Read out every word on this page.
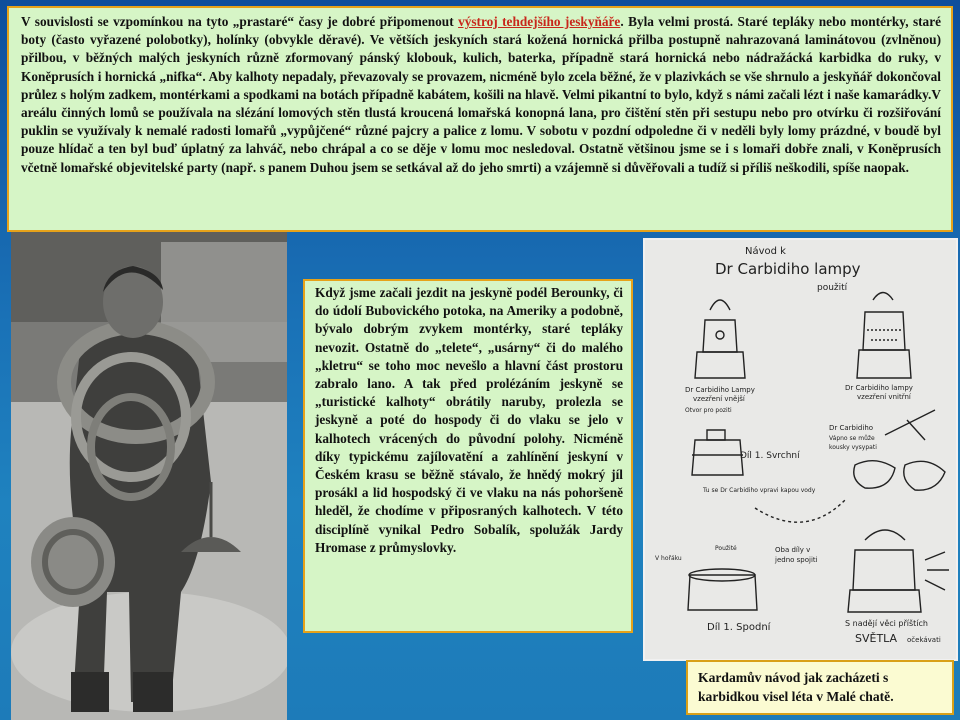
V souvislosti se vzpomínkou na tyto „prastaré“ časy je dobré připomenout výstroj tehdejšího jeskyňáře. Byla velmi prostá. Staré tepláky nebo montérky, staré boty (často vyřazené polobotky), holínky (obvykle děravé). Ve větších jeskyních stará kožená hornická přilba postupně nahrazovaná laminátovou (zvlněnou) přilbou, v běžných malých jeskyních různě zformovaný pánský klobouk, kulich, baterka, případně stará hornická nebo nádražácká karbidka do ruky, v Koněprusích i hornická „nifka“. Aby kalhoty nepadaly, převazovaly se provazem, nicméně bylo zcela běžné, že v plazivkách se vše shrnulo a jeskyňář dokončoval průlez s holým zadkem, montérkami a spodkami na botách případně kabátem, košili na hlavě. Velmi pikantní to bylo, když s námi začali lézt i naše kamarádky.V areálu činných lomů se používala na slézání lomových stěn tlustá kroucená lomařská konopná lana, pro čištění stěn při sestupu nebo pro otvírku či rozšiřování puklin se využívaly k nemalé radosti lomařů „vypůjčené“ různé pajcry a palice z lomu. V sobotu v pozdní odpoledne či v neděli byly lomy prázdné, v boudě byl pouze hlídač a ten byl buď úplatný za lahváč, nebo chrápal a co se děje v lomu moc nesledoval. Ostatně většinou jsme se i s lomaři dobře znali, v Koněprusích včetně lomařské objevitelské party (např. s panem Duhou jsem se setkával až do jeho smrti) a vzájemně si důvěřovali a tudíž si příliš neškodili, spíše naopak.
Když jsme začali jezdit na jeskyně podél Berounky, či do údolí Bubovického potoka, na Ameriky a podobně, bývalo dobrým zvykem montérky, staré tepláky nevozit. Ostatně do „telete“, „usárny“ či do malého „kletru“ se toho moc nevešlo a hlavní část prostoru zabralo lano. A tak před prolézáním jeskyně se „turistické kalhoty“ obrátily naruby, prolezla se jeskyně a poté do hospody či do vlaku se jelo v kalhotech vrácených do původní polohy. Nicméně díky typickému zajílovatění a zahlínění jeskyní v Českém krasu se běžně stávalo, že hnědý mokrý jíl prosákl a lid hospodský či ve vlaku na nás pohoršeně hleděl, že chodíme v připosraných kalhotech. V této disciplíně vynikal Pedro Sobalík, spolužák Jardy Hromase z průmyslovky.
Návod k
Dr Carbidiho lampy
použití
Dr Carbidiho Lampy
vzezření vnější
Dr Carbidiho lampy
vzezření vnitřní
Otvor pro poziti
Díl 1. Svrchní
Tu se Dr Carbidiho vpravi kapou vody
Dr Carbidiho
Vápno se může
kousky vysypati
Oba díly v
jedno spojiti
V hořáku
Použité
Díl 1. Spodní	S nadějí věci příštích
SVĚTLA očekávati
Kardamův návod jak zacházeti s karbidkou visel léta v Malé chatě.
